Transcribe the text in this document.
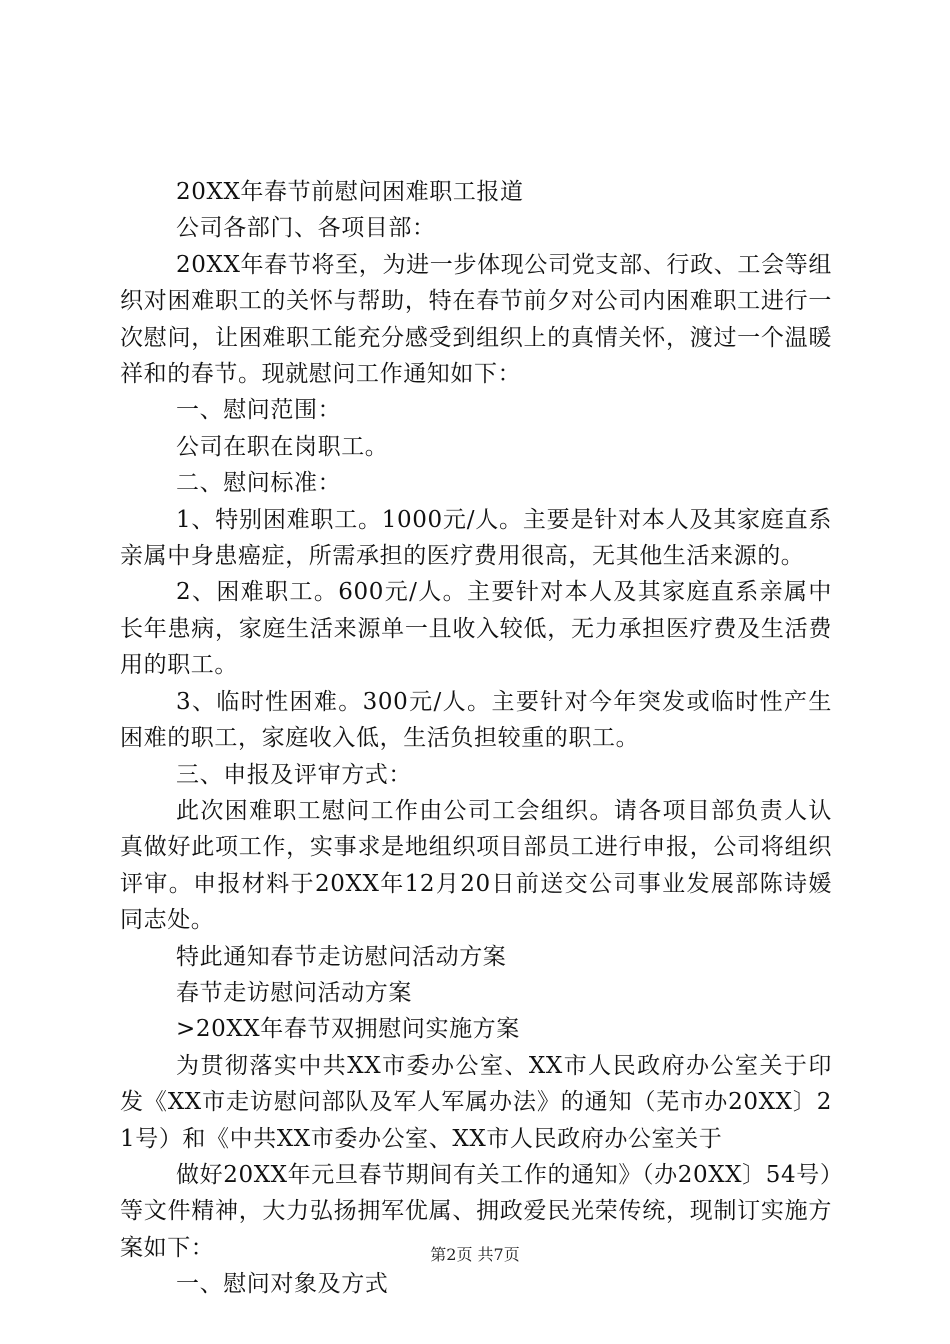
20XX年春节前慰问困难职工报道

公司各部门、各项目部：

20XX年春节将至，为进一步体现公司党支部、行政、工会等组织对困难职工的关怀与帮助，特在春节前夕对公司内困难职工进行一次慰问，让困难职工能充分感受到组织上的真情关怀，渡过一个温暖祥和的春节。现就慰问工作通知如下：

一、慰问范围：

公司在职在岗职工。

二、慰问标准：

1、特别困难职工。1000元/人。主要是针对本人及其家庭直系亲属中身患癌症，所需承担的医疗费用很高，无其他生活来源的。

2、困难职工。600元/人。主要针对本人及其家庭直系亲属中长年患病，家庭生活来源单一且收入较低，无力承担医疗费及生活费用的职工。

3、临时性困难。300元/人。主要针对今年突发或临时性产生困难的职工，家庭收入低，生活负担较重的职工。

三、申报及评审方式：

此次困难职工慰问工作由公司工会组织。请各项目部负责人认真做好此项工作，实事求是地组织项目部员工进行申报，公司将组织评审。申报材料于20XX年12月20日前送交公司事业发展部陈诗媛同志处。

特此通知春节走访慰问活动方案

春节走访慰问活动方案

>20XX年春节双拥慰问实施方案

为贯彻落实中共XX市委办公室、XX市人民政府办公室关于印发《XX市走访慰问部队及军人军属办法》的通知（芜市办20XX〕21号）和《中共XX市委办公室、XX市人民政府办公室关于

做好20XX年元旦春节期间有关工作的通知》（办20XX〕54号）等文件精神，大力弘扬拥军优属、拥政爱民光荣传统，现制订实施方案如下：

一、慰问对象及方式

第2页 共7页
